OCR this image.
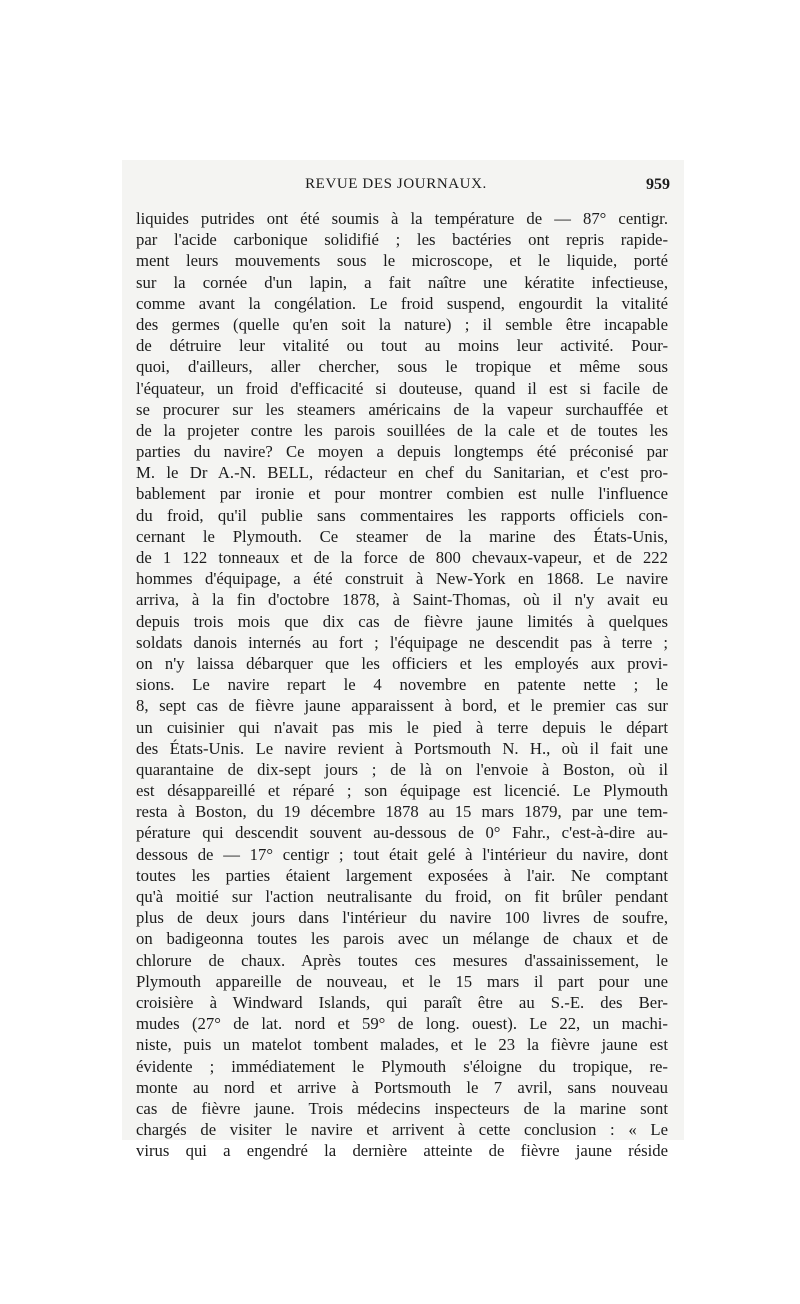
REVUE DES JOURNAUX.	959
liquides putrides ont été soumis à la température de — 87° centigr.
par l'acide carbonique solidifié ; les bactéries ont repris rapide-
ment leurs mouvements sous le microscope, et le liquide, porté
sur la cornée d'un lapin, a fait naître une kératite infectieuse,
comme avant la congélation. Le froid suspend, engourdit la vitalité
des germes (quelle qu'en soit la nature) ; il semble être incapable
de détruire leur vitalité ou tout au moins leur activité. Pour-
quoi, d'ailleurs, aller chercher, sous le tropique et même sous
l'équateur, un froid d'efficacité si douteuse, quand il est si facile de
se procurer sur les steamers américains de la vapeur surchauffée et
de la projeter contre les parois souillées de la cale et de toutes les
parties du navire? Ce moyen a depuis longtemps été préconisé par
M. le Dr A.-N. BELL, rédacteur en chef du Sanitarian, et c'est pro-
bablement par ironie et pour montrer combien est nulle l'influence
du froid, qu'il publie sans commentaires les rapports officiels con-
cernant le Plymouth. Ce steamer de la marine des États-Unis,
de 1 122 tonneaux et de la force de 800 chevaux-vapeur, et de 222
hommes d'équipage, a été construit à New-York en 1868. Le navire
arriva, à la fin d'octobre 1878, à Saint-Thomas, où il n'y avait eu
depuis trois mois que dix cas de fièvre jaune limités à quelques
soldats danois internés au fort ; l'équipage ne descendit pas à terre ;
on n'y laissa débarquer que les officiers et les employés aux provi-
sions. Le navire repart le 4 novembre en patente nette ; le
8, sept cas de fièvre jaune apparaissent à bord, et le premier cas sur
un cuisinier qui n'avait pas mis le pied à terre depuis le départ
des États-Unis. Le navire revient à Portsmouth N. H., où il fait une
quarantaine de dix-sept jours ; de là on l'envoie à Boston, où il
est désappareillé et réparé ; son équipage est licencié. Le Plymouth
resta à Boston, du 19 décembre 1878 au 15 mars 1879, par une tem-
pérature qui descendit souvent au-dessous de 0° Fahr., c'est-à-dire au-
dessous de — 17° centigr ; tout était gelé à l'intérieur du navire, dont
toutes les parties étaient largement exposées à l'air. Ne comptant
qu'à moitié sur l'action neutralisante du froid, on fit brûler pendant
plus de deux jours dans l'intérieur du navire 100 livres de soufre,
on badigeonna toutes les parois avec un mélange de chaux et de
chlorure de chaux. Après toutes ces mesures d'assainissement, le
Plymouth appareille de nouveau, et le 15 mars il part pour une
croisière à Windward Islands, qui paraît être au S.-E. des Ber-
mudes (27° de lat. nord et 59° de long. ouest). Le 22, un machi-
niste, puis un matelot tombent malades, et le 23 la fièvre jaune est
évidente ; immédiatement le Plymouth s'éloigne du tropique, re-
monte au nord et arrive à Portsmouth le 7 avril, sans nouveau
cas de fièvre jaune. Trois médecins inspecteurs de la marine sont
chargés de visiter le navire et arrivent à cette conclusion : « Le
virus qui a engendré la dernière atteinte de fièvre jaune réside
